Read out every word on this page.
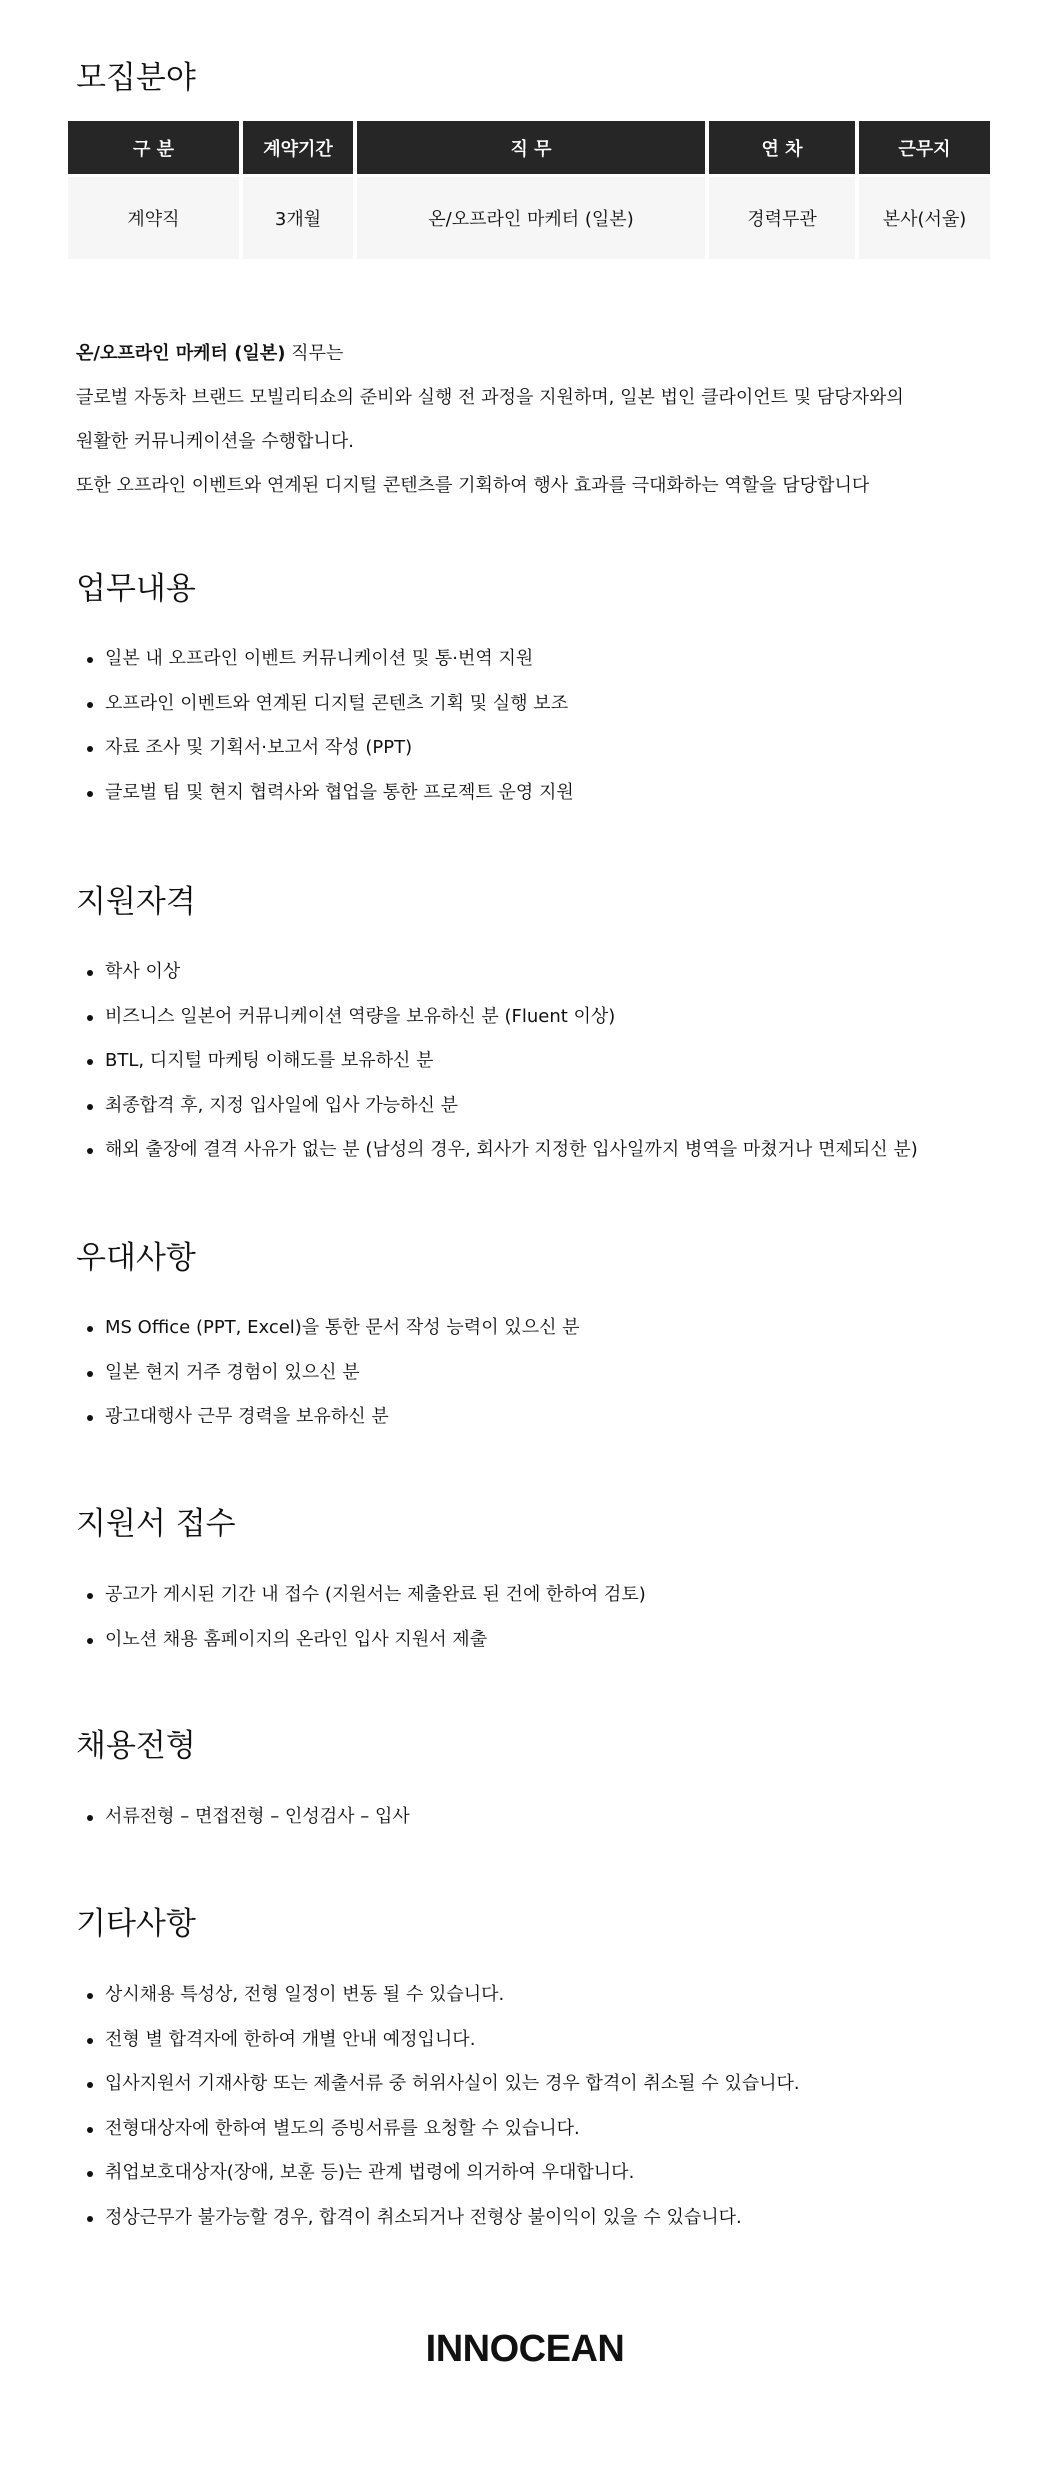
모집분야
구 분	계약기간	직 무	연 차	근무지

계약직	3개월	온/오프라인 마케터 (일본)	경력무관	본사(서울)

온/오프라인 마케터 (일본) 직무는

글로벌 자동차 브랜드 모빌리티쇼의 준비와 실행 전 과정을 지원하며, 일본 법인 클라이언트 및 담당자와의

원활한 커뮤니케이션을 수행합니다.

또한 오프라인 이벤트와 연계된 디지털 콘텐츠를 기획하여 행사 효과를 극대화하는 역할을 담당합니다

업무내용
일본 내 오프라인 이벤트 커뮤니케이션 및 통·번역 지원
오프라인 이벤트와 연계된 디지털 콘텐츠 기획 및 실행 보조
자료 조사 및 기획서·보고서 작성 (PPT)
글로벌 팀 및 현지 협력사와 협업을 통한 프로젝트 운영 지원
지원자격
학사 이상
비즈니스 일본어 커뮤니케이션 역량을 보유하신 분 (Fluent 이상)
BTL, 디지털 마케팅 이해도를 보유하신 분
최종합격 후, 지정 입사일에 입사 가능하신 분
해외 출장에 결격 사유가 없는 분 (남성의 경우, 회사가 지정한 입사일까지 병역을 마쳤거나 면제되신 분)
우대사항
MS Office (PPT, Excel)을 통한 문서 작성 능력이 있으신 분
일본 현지 거주 경험이 있으신 분
광고대행사 근무 경력을 보유하신 분
지원서 접수
공고가 게시된 기간 내 접수 (지원서는 제출완료 된 건에 한하여 검토)
이노션 채용 홈페이지의 온라인 입사 지원서 제출
채용전형
서류전형 – 면접전형 – 인성검사 – 입사
기타사항
상시채용 특성상, 전형 일정이 변동 될 수 있습니다.
전형 별 합격자에 한하여 개별 안내 예정입니다.
입사지원서 기재사항 또는 제출서류 중 허위사실이 있는 경우 합격이 취소될 수 있습니다.
전형대상자에 한하여 별도의 증빙서류를 요청할 수 있습니다.
취업보호대상자(장애, 보훈 등)는 관계 법령에 의거하여 우대합니다.
정상근무가 불가능할 경우, 합격이 취소되거나 전형상 불이익이 있을 수 있습니다.
INNOCEAN
